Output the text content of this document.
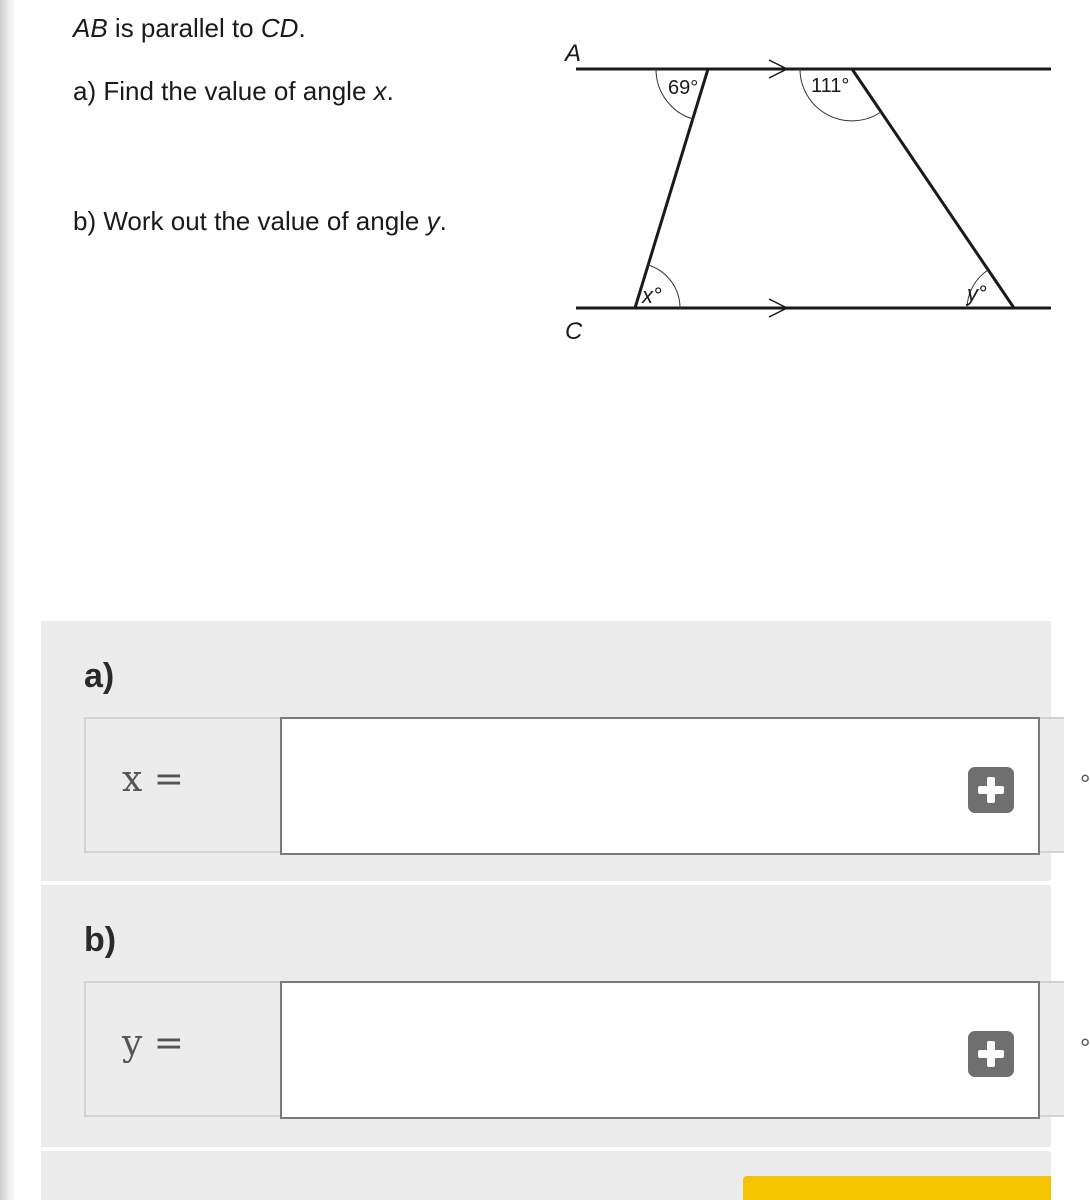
AB is parallel to CD.
a) Find the value of angle x.
b) Work out the value of angle y.
A
C
69°	111°
x°	y°
a)
x =	°
b)
y =	°
